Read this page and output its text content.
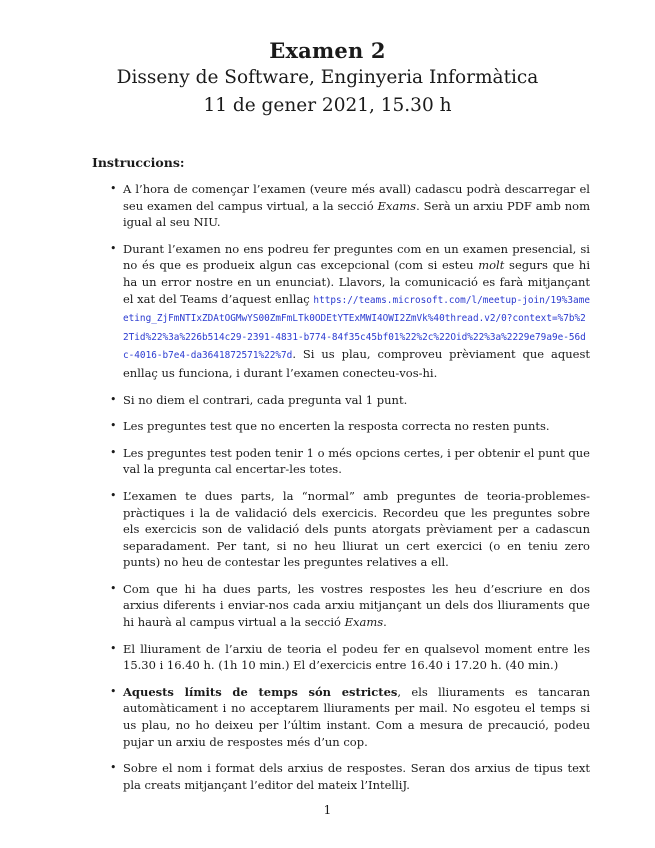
Examen 2
Disseny de Software, Enginyeria Informàtica
11 de gener 2021, 15.30 h
Instruccions:
• A l’hora de començar l’examen (veure més avall) cadascu podrà descarregar el seu examen del campus virtual, a la secció Exams. Serà un arxiu PDF amb nom igual al seu NIU.
• Durant l’examen no ens podreu fer preguntes com en un examen presencial, si no és que es produeix algun cas excepcional (com si esteu molt segurs que hi ha un error nostre en un enunciat). Llavors, la comunicació es farà mitjançant el xat del Teams d’aquest enllaç https://teams.microsoft.com/l/meetup-join/19%3ameeting_ZjFmNTIxZDAtOGMwYS00ZmFmLTk0ODEtYTExMWI4OWI2ZmVk%40thread.v2/0?context=%7b%22Tid%22%3a%226b514c29-2391-4831-b774-84f35c45bf01%22%2c%22Oid%22%3a%2229e79a9e-56dc-4016-b7e4-da3641872571%22%7d. Si us plau, comproveu prèviament que aquest enllaç us funciona, i durant l’examen conecteu-vos-hi.
• Si no diem el contrari, cada pregunta val 1 punt.
• Les preguntes test que no encerten la resposta correcta no resten punts.
• Les preguntes test poden tenir 1 o més opcions certes, i per obtenir el punt que val la pregunta cal encertar-les totes.
• L’examen te dues parts, la “normal” amb preguntes de teoria-problemes-pràctiques i la de validació dels exercicis. Recordeu que les preguntes sobre els exercicis son de validació dels punts atorgats prèviament per a cadascun separadament. Per tant, si no heu lliurat un cert exercici (o en teniu zero punts) no heu de contestar les preguntes relatives a ell.
• Com que hi ha dues parts, les vostres respostes les heu d’escriure en dos arxius diferents i enviar-nos cada arxiu mitjançant un dels dos lliuraments que hi haurà al campus virtual a la secció Exams.
• El lliurament de l’arxiu de teoria el podeu fer en qualsevol moment entre les 15.30 i 16.40 h. (1h 10 min.) El d’exercicis entre 16.40 i 17.20 h. (40 min.)
• Aquests límits de temps són estrictes, els lliuraments es tancaran automàticament i no acceptarem lliuraments per mail. No esgoteu el temps si us plau, no ho deixeu per l’últim instant. Com a mesura de precaució, podeu pujar un arxiu de respostes més d’un cop.
• Sobre el nom i format dels arxius de respostes. Seran dos arxius de tipus text pla creats mitjançant l’editor del mateix l’IntelliJ.
1
